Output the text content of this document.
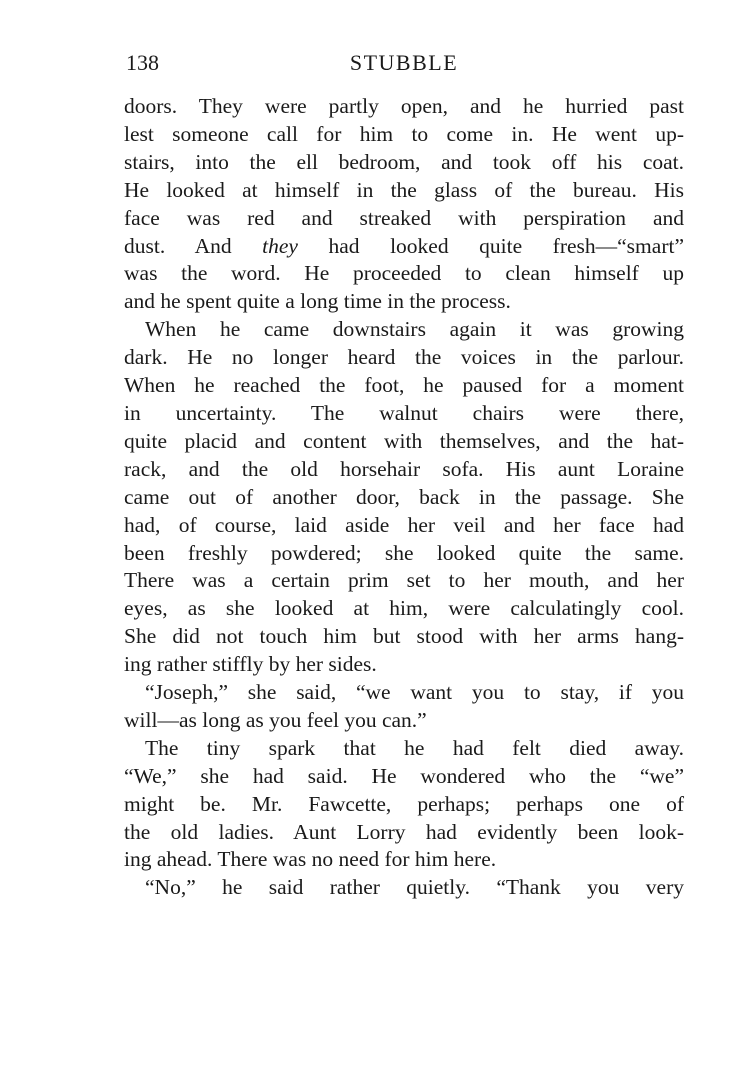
138	STUBBLE
doors. They were partly open, and he hurried past
lest someone call for him to come in. He went up-
stairs, into the ell bedroom, and took off his coat.
He looked at himself in the glass of the bureau. His
face was red and streaked with perspiration and
dust. And they had looked quite fresh—“smart”
was the word. He proceeded to clean himself up
and he spent quite a long time in the process.
When he came downstairs again it was growing
dark. He no longer heard the voices in the parlour.
When he reached the foot, he paused for a moment
in uncertainty. The walnut chairs were there,
quite placid and content with themselves, and the hat-
rack, and the old horsehair sofa. His aunt Loraine
came out of another door, back in the passage. She
had, of course, laid aside her veil and her face had
been freshly powdered; she looked quite the same.
There was a certain prim set to her mouth, and her
eyes, as she looked at him, were calculatingly cool.
She did not touch him but stood with her arms hang-
ing rather stiffly by her sides.
“Joseph,” she said, “we want you to stay, if you
will—as long as you feel you can.”
The tiny spark that he had felt died away.
“We,” she had said. He wondered who the “we”
might be. Mr. Fawcette, perhaps; perhaps one of
the old ladies. Aunt Lorry had evidently been look-
ing ahead. There was no need for him here.
“No,” he said rather quietly. “Thank you very
